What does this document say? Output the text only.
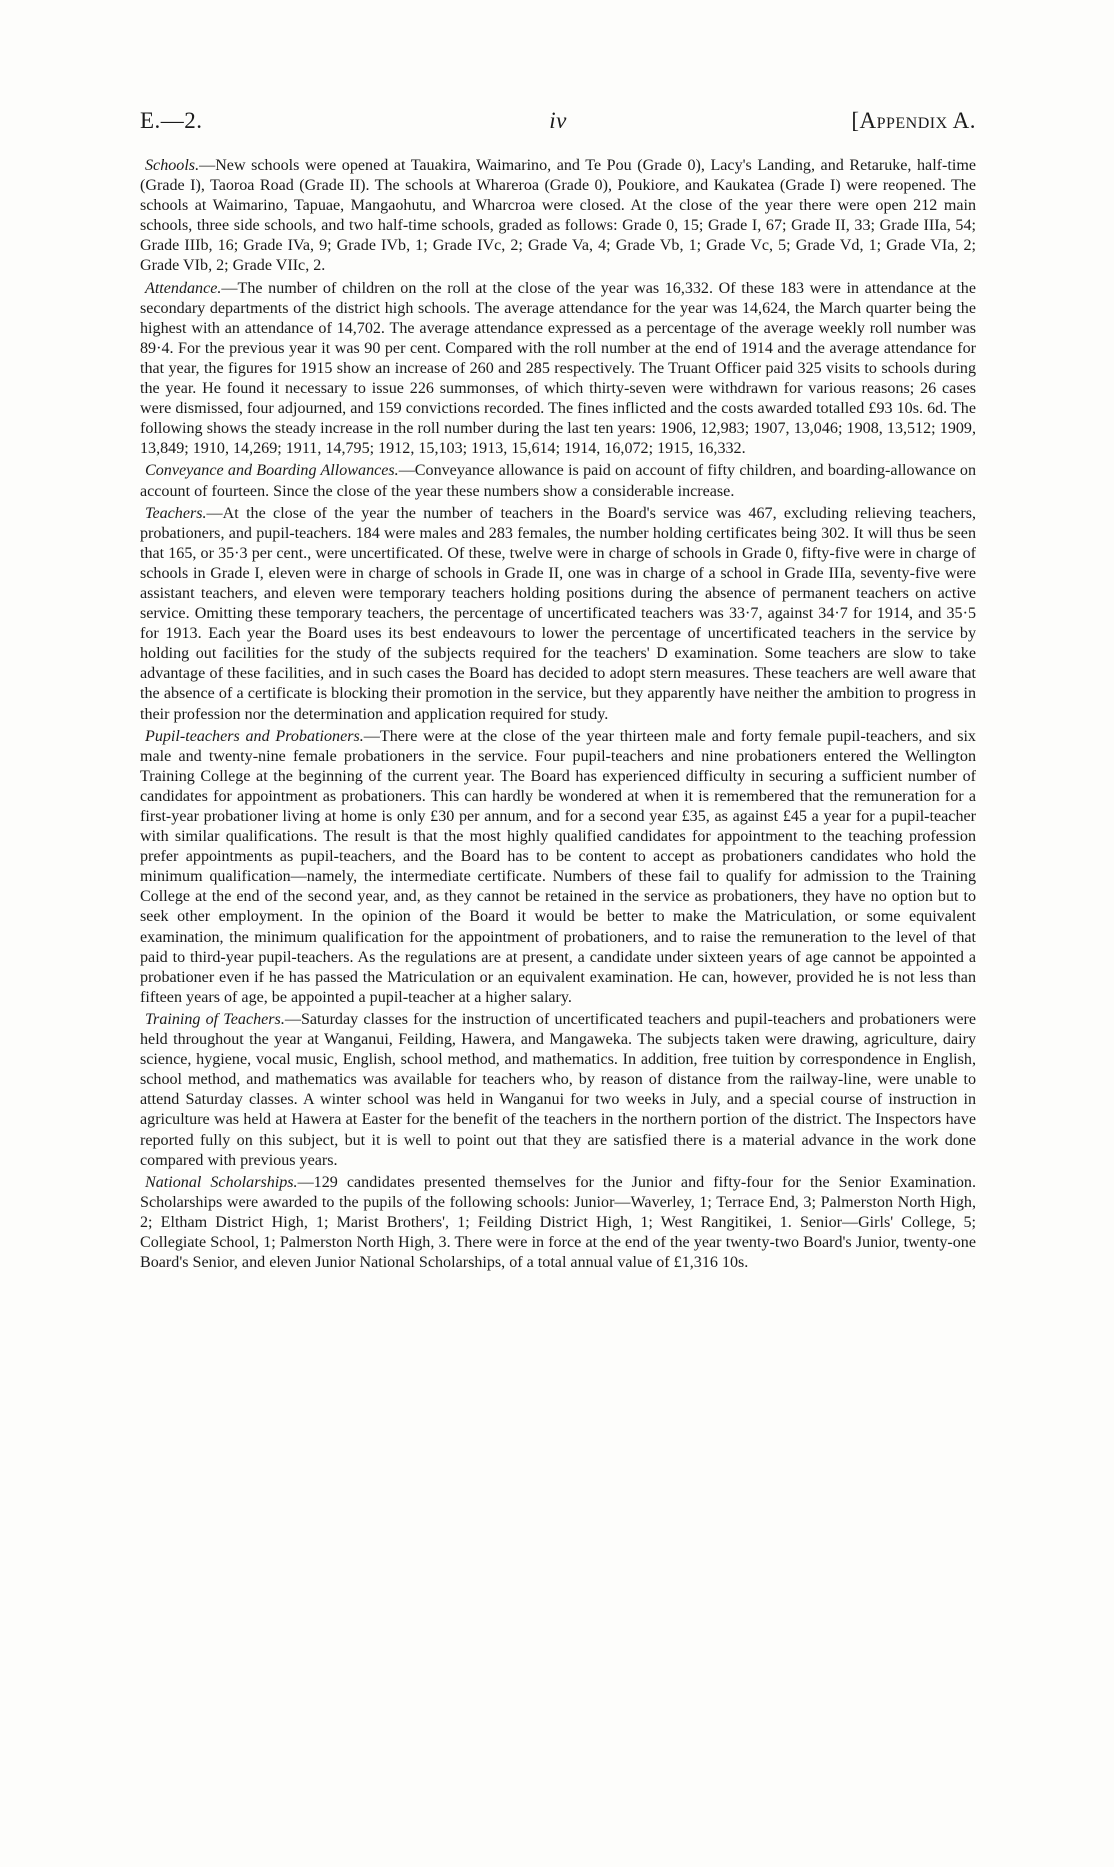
E.—2.	iv	[Appendix A.

Schools.—New schools were opened at Tauakira, Waimarino, and Te Pou (Grade 0), Lacy's Landing, and Retaruke, half-time (Grade I), Taoroa Road (Grade II). The schools at Whareroa (Grade 0), Poukiore, and Kaukatea (Grade I) were reopened. The schools at Waimarino, Tapuae, Mangaohutu, and Wharcroa were closed. At the close of the year there were open 212 main schools, three side schools, and two half-time schools, graded as follows: Grade 0, 15; Grade I, 67; Grade II, 33; Grade IIIa, 54; Grade IIIb, 16; Grade IVa, 9; Grade IVb, 1; Grade IVc, 2; Grade Va, 4; Grade Vb, 1; Grade Vc, 5; Grade Vd, 1; Grade VIa, 2; Grade VIb, 2; Grade VIIc, 2.

Attendance.—The number of children on the roll at the close of the year was 16,332. Of these 183 were in attendance at the secondary departments of the district high schools. The average attendance for the year was 14,624, the March quarter being the highest with an attendance of 14,702. The average attendance expressed as a percentage of the average weekly roll number was 89·4. For the previous year it was 90 per cent. Compared with the roll number at the end of 1914 and the average attendance for that year, the figures for 1915 show an increase of 260 and 285 respectively. The Truant Officer paid 325 visits to schools during the year. He found it necessary to issue 226 summonses, of which thirty-seven were withdrawn for various reasons; 26 cases were dismissed, four adjourned, and 159 convictions recorded. The fines inflicted and the costs awarded totalled £93 10s. 6d. The following shows the steady increase in the roll number during the last ten years: 1906, 12,983; 1907, 13,046; 1908, 13,512; 1909, 13,849; 1910, 14,269; 1911, 14,795; 1912, 15,103; 1913, 15,614; 1914, 16,072; 1915, 16,332.

Conveyance and Boarding Allowances.—Conveyance allowance is paid on account of fifty children, and boarding-allowance on account of fourteen. Since the close of the year these numbers show a considerable increase.

Teachers.—At the close of the year the number of teachers in the Board's service was 467, excluding relieving teachers, probationers, and pupil-teachers. 184 were males and 283 females, the number holding certificates being 302. It will thus be seen that 165, or 35·3 per cent., were uncertificated. Of these, twelve were in charge of schools in Grade 0, fifty-five were in charge of schools in Grade I, eleven were in charge of schools in Grade II, one was in charge of a school in Grade IIIa, seventy-five were assistant teachers, and eleven were temporary teachers holding positions during the absence of permanent teachers on active service. Omitting these temporary teachers, the percentage of uncertificated teachers was 33·7, against 34·7 for 1914, and 35·5 for 1913. Each year the Board uses its best endeavours to lower the percentage of uncertificated teachers in the service by holding out facilities for the study of the subjects required for the teachers' D examination. Some teachers are slow to take advantage of these facilities, and in such cases the Board has decided to adopt stern measures. These teachers are well aware that the absence of a certificate is blocking their promotion in the service, but they apparently have neither the ambition to progress in their profession nor the determination and application required for study.

Pupil-teachers and Probationers.—There were at the close of the year thirteen male and forty female pupil-teachers, and six male and twenty-nine female probationers in the service. Four pupil-teachers and nine probationers entered the Wellington Training College at the beginning of the current year. The Board has experienced difficulty in securing a sufficient number of candidates for appointment as probationers. This can hardly be wondered at when it is remembered that the remuneration for a first-year probationer living at home is only £30 per annum, and for a second year £35, as against £45 a year for a pupil-teacher with similar qualifications. The result is that the most highly qualified candidates for appointment to the teaching profession prefer appointments as pupil-teachers, and the Board has to be content to accept as probationers candidates who hold the minimum qualification—namely, the intermediate certificate. Numbers of these fail to qualify for admission to the Training College at the end of the second year, and, as they cannot be retained in the service as probationers, they have no option but to seek other employment. In the opinion of the Board it would be better to make the Matriculation, or some equivalent examination, the minimum qualification for the appointment of probationers, and to raise the remuneration to the level of that paid to third-year pupil-teachers. As the regulations are at present, a candidate under sixteen years of age cannot be appointed a probationer even if he has passed the Matriculation or an equivalent examination. He can, however, provided he is not less than fifteen years of age, be appointed a pupil-teacher at a higher salary.

Training of Teachers.—Saturday classes for the instruction of uncertificated teachers and pupil-teachers and probationers were held throughout the year at Wanganui, Feilding, Hawera, and Mangaweka. The subjects taken were drawing, agriculture, dairy science, hygiene, vocal music, English, school method, and mathematics. In addition, free tuition by correspondence in English, school method, and mathematics was available for teachers who, by reason of distance from the railway-line, were unable to attend Saturday classes. A winter school was held in Wanganui for two weeks in July, and a special course of instruction in agriculture was held at Hawera at Easter for the benefit of the teachers in the northern portion of the district. The Inspectors have reported fully on this subject, but it is well to point out that they are satisfied there is a material advance in the work done compared with previous years.

National Scholarships.—129 candidates presented themselves for the Junior and fifty-four for the Senior Examination. Scholarships were awarded to the pupils of the following schools: Junior—Waverley, 1; Terrace End, 3; Palmerston North High, 2; Eltham District High, 1; Marist Brothers', 1; Feilding District High, 1; West Rangitikei, 1. Senior—Girls' College, 5; Collegiate School, 1; Palmerston North High, 3. There were in force at the end of the year twenty-two Board's Junior, twenty-one Board's Senior, and eleven Junior National Scholarships, of a total annual value of £1,316 10s.
